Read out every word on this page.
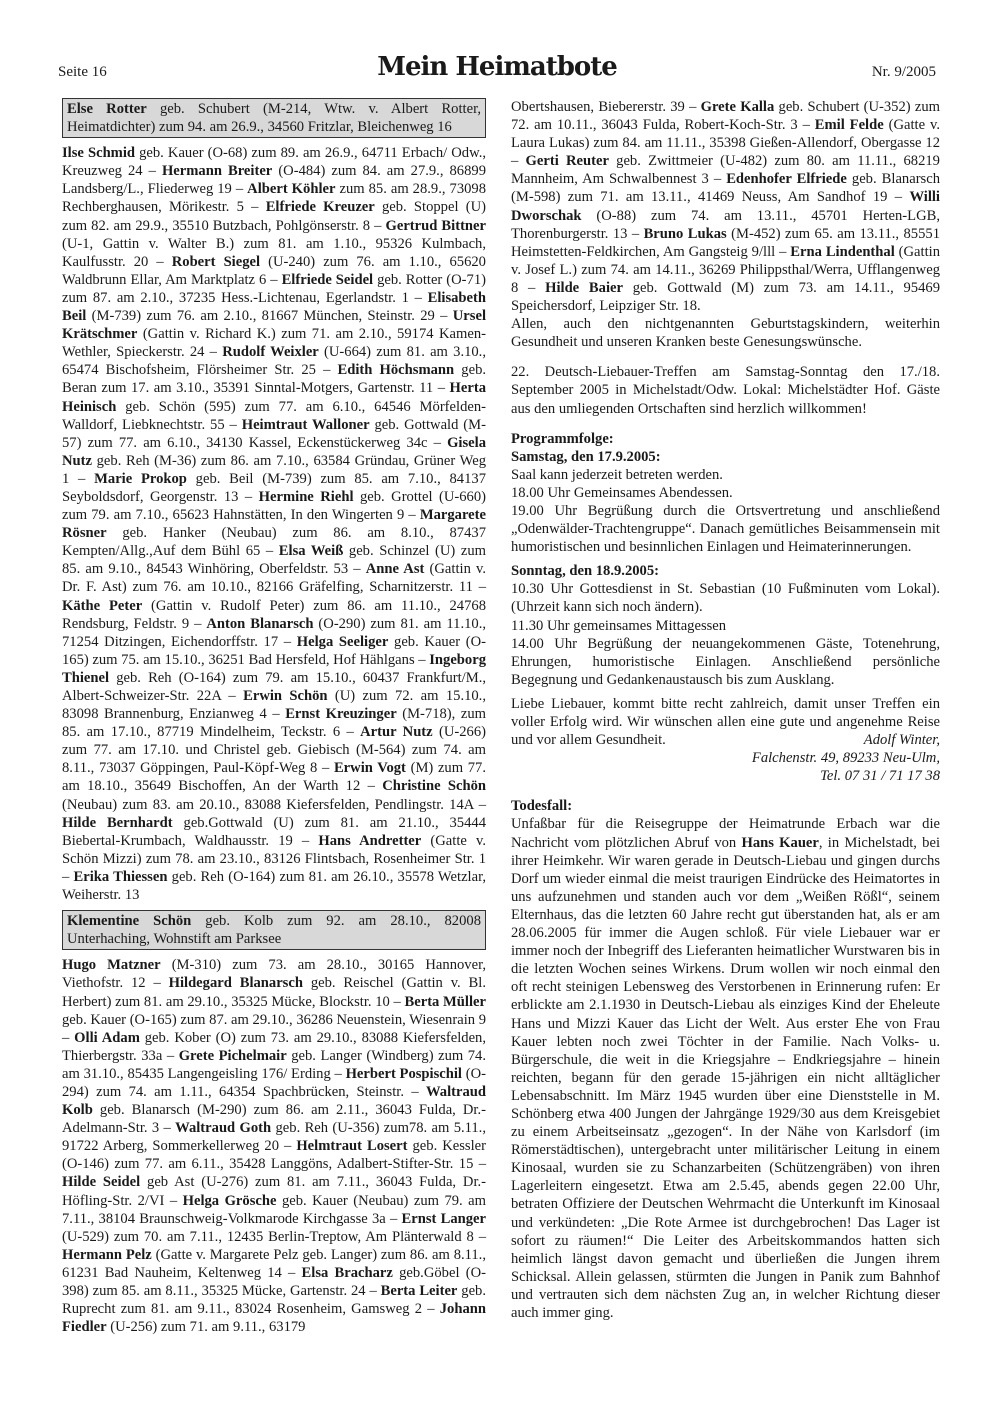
Seite 16	Mein Heimatbote	Nr. 9/2005

Else Rotter geb. Schubert (M-214, Wtw. v. Albert Rotter, Heimatdichter) zum 94. am 26.9., 34560 Fritzlar, Bleichenweg 16

Ilse Schmid geb. Kauer (O-68) zum 89. am 26.9., 64711 Erbach/ Odw., Kreuzweg 24 – Hermann Breiter (O-484) zum 84. am 27.9., 86899 Landsberg/L., Fliederweg 19 – Albert Köhler zum 85. am 28.9., 73098 Rechberghausen, Mörikestr. 5 – Elfriede Kreuzer geb. Stoppel (U) zum 82. am 29.9., 35510 Butzbach, Pohlgönserstr. 8 – Gertrud Bittner (U-1, Gattin v. Walter B.) zum 81. am 1.10., 95326 Kulmbach, Kaulfusstr. 20 – Robert Siegel (U-240) zum 76. am 1.10., 65620 Waldbrunn Ellar, Am Marktplatz 6 – Elfriede Seidel geb. Rotter (O-71) zum 87. am 2.10., 37235 Hess.-Lichtenau, Egerlandstr. 1 – Elisabeth Beil (M-739) zum 76. am 2.10., 81667 München, Steinstr. 29 – Ursel Krätschmer (Gattin v. Richard K.) zum 71. am 2.10., 59174 Kamen-Wethler, Spieckerstr. 24 – Rudolf Weixler (U-664) zum 81. am 3.10., 65474 Bischofsheim, Flörsheimer Str. 25 – Edith Höchsmann geb. Beran zum 17. am 3.10., 35391 Sinntal-Motgers, Gartenstr. 11 – Herta Heinisch geb. Schön (595) zum 77. am 6.10., 64546 Mörfelden-Walldorf, Liebknechtstr. 55 – Heimtraut Walloner geb. Gottwald (M-57) zum 77. am 6.10., 34130 Kassel, Eckenstückerweg 34c – Gisela Nutz geb. Reh (M-36) zum 86. am 7.10., 63584 Gründau, Grüner Weg 1 – Marie Prokop geb. Beil (M-739) zum 85. am 7.10., 84137 Seyboldsdorf, Georgenstr. 13 – Hermine Riehl geb. Grottel (U-660) zum 79. am 7.10., 65623 Hahnstätten, In den Wingerten 9 – Margarete Rösner geb. Hanker (Neubau) zum 86. am 8.10., 87437 Kempten/Allg.,Auf dem Bühl 65 – Elsa Weiß geb. Schinzel (U) zum 85. am 9.10., 84543 Winhöring, Oberfeldstr. 53 – Anne Ast (Gattin v. Dr. F. Ast) zum 76. am 10.10., 82166 Gräfelfing, Scharnitzerstr. 11 – Käthe Peter (Gattin v. Rudolf Peter) zum 86. am 11.10., 24768 Rendsburg, Feldstr. 9 – Anton Blanarsch (O-290) zum 81. am 11.10., 71254 Ditzingen, Eichendorffstr. 17 – Helga Seeliger geb. Kauer (O-165) zum 75. am 15.10., 36251 Bad Hersfeld, Hof Hählgans – Ingeborg Thienel geb. Reh (O-164) zum 79. am 15.10., 60437 Frankfurt/M., Albert-Schweizer-Str. 22A – Erwin Schön (U) zum 72. am 15.10., 83098 Brannenburg, Enzianweg 4 – Ernst Kreuzinger (M-718), zum 85. am 17.10., 87719 Mindelheim, Teckstr. 6 – Artur Nutz (U-266) zum 77. am 17.10. und Christel geb. Giebisch (M-564) zum 74. am 8.11., 73037 Göppingen, Paul-Köpf-Weg 8 – Erwin Vogt (M) zum 77. am 18.10., 35649 Bischoffen, An der Warth 12 – Christine Schön (Neubau) zum 83. am 20.10., 83088 Kiefersfelden, Pendlingstr. 14A – Hilde Bernhardt geb.Gottwald (U) zum 81. am 21.10., 35444 Biebertal-Krumbach, Waldhausstr. 19 – Hans Andretter (Gatte v. Schön Mizzi) zum 78. am 23.10., 83126 Flintsbach, Rosenheimer Str. 1 – Erika Thiessen geb. Reh (O-164) zum 81. am 26.10., 35578 Wetzlar, Weiherstr. 13

Klementine Schön geb. Kolb zum 92. am 28.10., 82008 Unterhaching, Wohnstift am Parksee

Hugo Matzner (M-310) zum 73. am 28.10., 30165 Hannover, Viethofstr. 12 – Hildegard Blanarsch geb. Reischel (Gattin v. Bl. Herbert) zum 81. am 29.10., 35325 Mücke, Blockstr. 10 – Berta Müller geb. Kauer (O-165) zum 87. am 29.10., 36286 Neuenstein, Wiesenrain 9 – Olli Adam geb. Kober (O) zum 73. am 29.10., 83088 Kiefersfelden, Thierbergstr. 33a – Grete Pichelmair geb. Langer (Windberg) zum 74. am 31.10., 85435 Langengeisling 176/ Erding – Herbert Pospischil (O-294) zum 74. am 1.11., 64354 Spachbrücken, Steinstr. – Waltraud Kolb geb. Blanarsch (M-290) zum 86. am 2.11., 36043 Fulda, Dr.-Adelmann-Str. 3 – Waltraud Goth geb. Reh (U-356) zum78. am 5.11., 91722 Arberg, Sommerkellerweg 20 – Helmtraut Losert geb. Kessler (O-146) zum 77. am 6.11., 35428 Langgöns, Adalbert-Stifter-Str. 15 – Hilde Seidel geb Ast (U-276) zum 81. am 7.11., 36043 Fulda, Dr.-Höfling-Str. 2/VI – Helga Grösche geb. Kauer (Neubau) zum 79. am 7.11., 38104 Braunschweig-Volkmarode Kirchgasse 3a – Ernst Langer (U-529) zum 70. am 7.11., 12435 Berlin-Treptow, Am Plänterwald 8 – Hermann Pelz (Gatte v. Margarete Pelz geb. Langer) zum 86. am 8.11., 61231 Bad Nauheim, Keltenweg 14 – Elsa Bracharz geb.Göbel (O-398) zum 85. am 8.11., 35325 Mücke, Gartenstr. 24 – Berta Leiter geb. Ruprecht zum 81. am 9.11., 83024 Rosenheim, Gamsweg 2 – Johann Fiedler (U-256) zum 71. am 9.11., 63179

Obertshausen, Biebererstr. 39 – Grete Kalla geb. Schubert (U-352) zum 72. am 10.11., 36043 Fulda, Robert-Koch-Str. 3 – Emil Felde (Gatte v. Laura Lukas) zum 84. am 11.11., 35398 Gießen-Allendorf, Obergasse 12 – Gerti Reuter geb. Zwittmeier (U-482) zum 80. am 11.11., 68219 Mannheim, Am Schwalbennest 3 – Edenhofer Elfriede geb. Blanarsch (M-598) zum 71. am 13.11., 41469 Neuss, Am Sandhof 19 – Willi Dworschak (O-88) zum 74. am 13.11., 45701 Herten-LGB, Thorenburgerstr. 13 – Bruno Lukas (M-452) zum 65. am 13.11., 85551 Heimstetten-Feldkirchen, Am Gangsteig 9/lll – Erna Lindenthal (Gattin v. Josef L.) zum 74. am 14.11., 36269 Philippsthal/Werra, Ufflangenweg 8 – Hilde Baier geb. Gottwald (M) zum 73. am 14.11., 95469 Speichersdorf, Leipziger Str. 18.

Allen, auch den nichtgenannten Geburtstagskindern, weiterhin Gesundheit und unseren Kranken beste Genesungswünsche.

22. Deutsch-Liebauer-Treffen am Samstag-Sonntag den 17./18. September 2005 in Michelstadt/Odw. Lokal: Michelstädter Hof. Gäste aus den umliegenden Ortschaften sind herzlich willkommen!

Programmfolge:

Samstag, den 17.9.2005:

Saal kann jederzeit betreten werden.

18.00 Uhr Gemeinsames Abendessen.

19.00 Uhr Begrüßung durch die Ortsvertretung und anschließend „Odenwälder-Trachtengruppe“. Danach gemütliches Beisammensein mit humoristischen und besinnlichen Einlagen und Heimaterinnerungen.

Sonntag, den 18.9.2005:

10.30 Uhr Gottesdienst in St. Sebastian (10 Fußminuten vom Lokal). (Uhrzeit kann sich noch ändern).

11.30 Uhr gemeinsames Mittagessen

14.00 Uhr Begrüßung der neuangekommenen Gäste, Totenehrung, Ehrungen, humoristische Einlagen. Anschließend persönliche Begegnung und Gedankenaustausch bis zum Ausklang.

Liebe Liebauer, kommt bitte recht zahlreich, damit unser Treffen ein voller Erfolg wird. Wir wünschen allen eine gute und angenehme Reise und vor allem Gesundheit.	Adolf Winter,

Falchenstr. 49, 89233 Neu-Ulm,

Tel. 07 31 / 71 17 38

Todesfall:

Unfaßbar für die Reisegruppe der Heimatrunde Erbach war die Nachricht vom plötzlichen Abruf von Hans Kauer, in Michelstadt, bei ihrer Heimkehr. Wir waren gerade in Deutsch-Liebau und gingen durchs Dorf um wieder einmal die meist traurigen Eindrücke des Heimatortes in uns aufzunehmen und standen auch vor dem „Weißen Rößl“, seinem Elternhaus, das die letzten 60 Jahre recht gut überstanden hat, als er am 28.06.2005 für immer die Augen schloß. Für viele Liebauer war er immer noch der Inbegriff des Lieferanten heimatlicher Wurstwaren bis in die letzten Wochen seines Wirkens. Drum wollen wir noch einmal den oft recht steinigen Lebensweg des Verstorbenen in Erinnerung rufen: Er erblickte am 2.1.1930 in Deutsch-Liebau als einziges Kind der Eheleute Hans und Mizzi Kauer das Licht der Welt. Aus erster Ehe von Frau Kauer lebten noch zwei Töchter in der Familie. Nach Volks- u. Bürgerschule, die weit in die Kriegsjahre – Endkriegsjahre – hinein reichten, begann für den gerade 15-jährigen ein nicht alltäglicher Lebensabschnitt. Im März 1945 wurden über eine Dienststelle in M. Schönberg etwa 400 Jungen der Jahrgänge 1929/30 aus dem Kreisgebiet zu einem Arbeitseinsatz „gezogen“. In der Nähe von Karlsdorf (im Römerstädtischen), untergebracht unter militärischer Leitung in einem Kinosaal, wurden sie zu Schanzarbeiten (Schützengräben) von ihren Lagerleitern eingesetzt. Etwa am 2.5.45, abends gegen 22.00 Uhr, betraten Offiziere der Deutschen Wehrmacht die Unterkunft im Kinosaal und verkündeten: „Die Rote Armee ist durchgebrochen! Das Lager ist sofort zu räumen!“ Die Leiter des Arbeitskommandos hatten sich heimlich längst davon gemacht und überließen die Jungen ihrem Schicksal. Allein gelassen, stürmten die Jungen in Panik zum Bahnhof und vertrauten sich dem nächsten Zug an, in welcher Richtung dieser auch immer ging.
